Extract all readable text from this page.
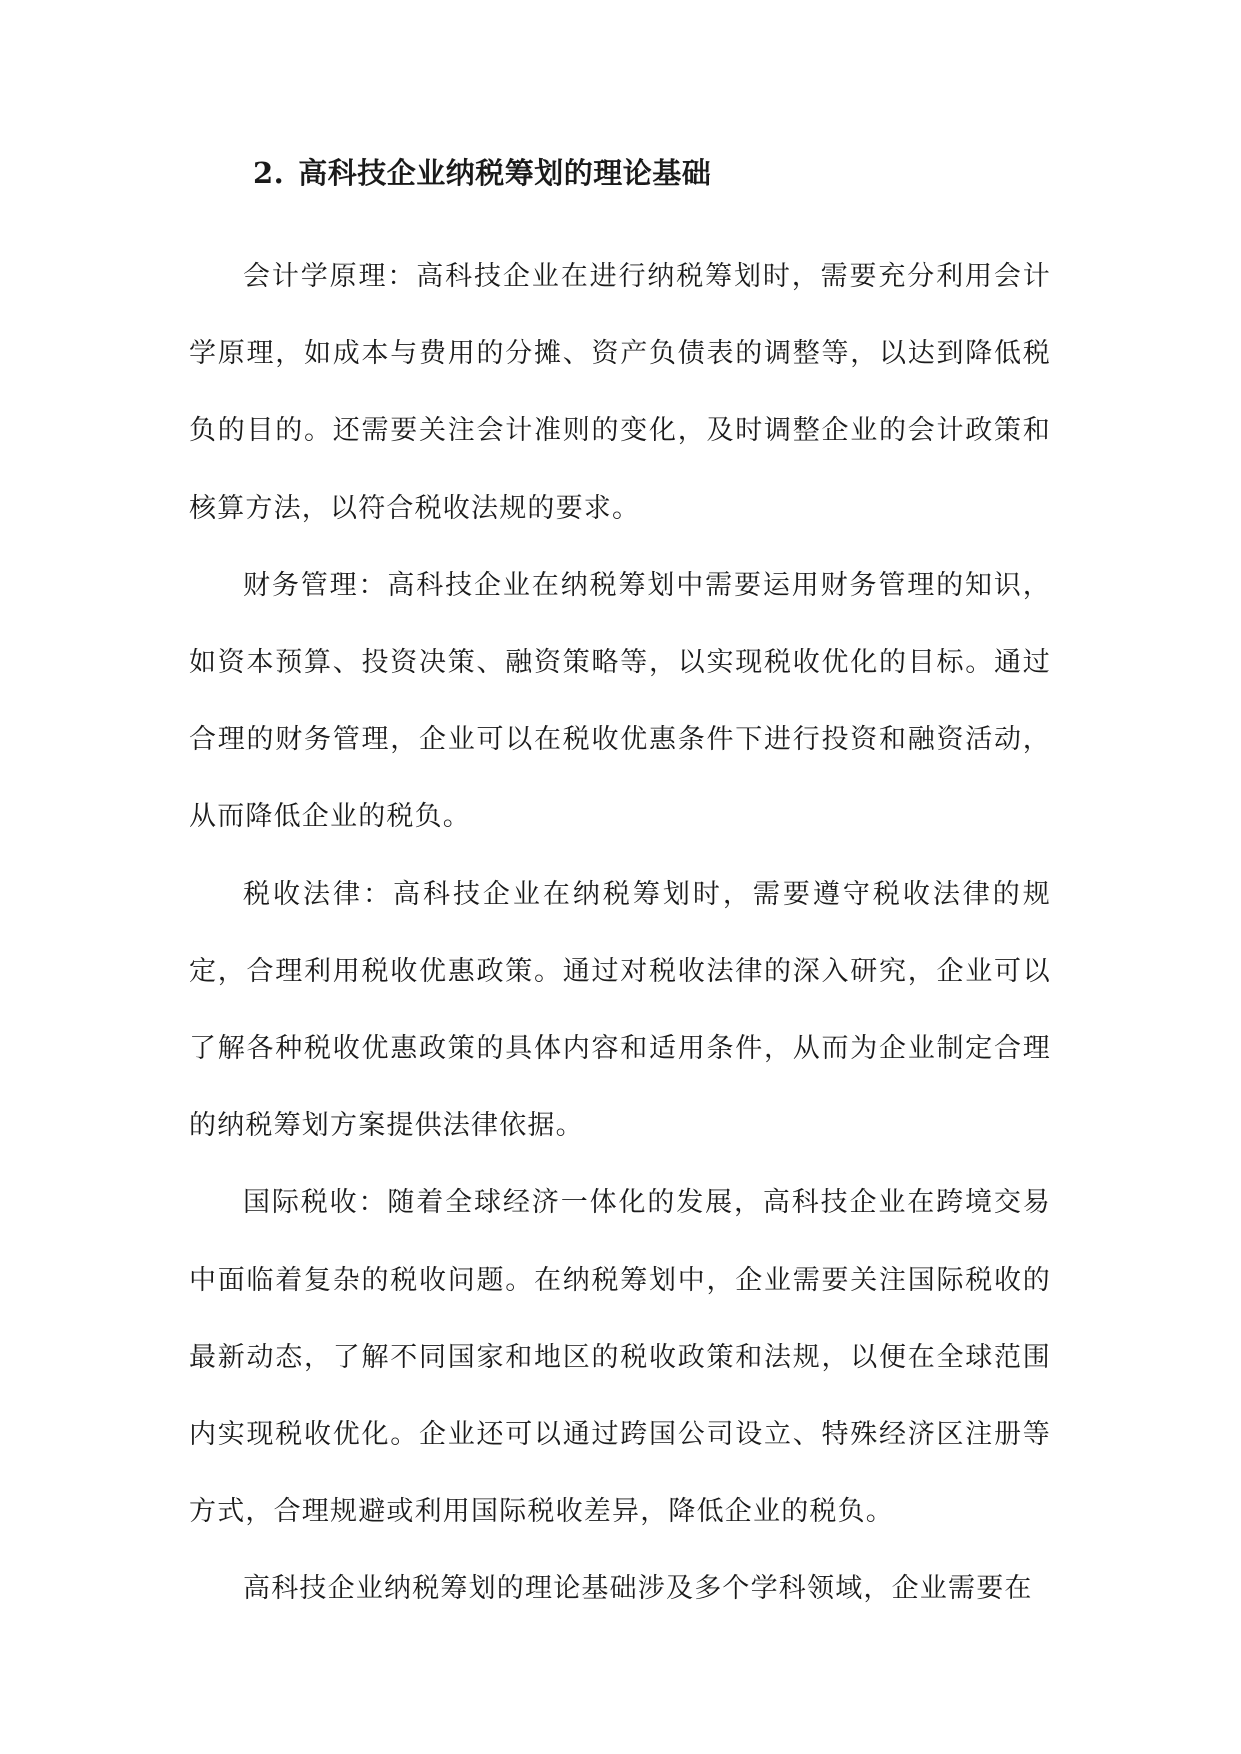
2. 高科技企业纳税筹划的理论基础

会计学原理：高科技企业在进行纳税筹划时，需要充分利用会计学原理，如成本与费用的分摊、资产负债表的调整等，以达到降低税负的目的。还需要关注会计准则的变化，及时调整企业的会计政策和核算方法，以符合税收法规的要求。

财务管理：高科技企业在纳税筹划中需要运用财务管理的知识，如资本预算、投资决策、融资策略等，以实现税收优化的目标。通过合理的财务管理，企业可以在税收优惠条件下进行投资和融资活动，从而降低企业的税负。

税收法律：高科技企业在纳税筹划时，需要遵守税收法律的规定，合理利用税收优惠政策。通过对税收法律的深入研究，企业可以了解各种税收优惠政策的具体内容和适用条件，从而为企业制定合理的纳税筹划方案提供法律依据。

国际税收：随着全球经济一体化的发展，高科技企业在跨境交易中面临着复杂的税收问题。在纳税筹划中，企业需要关注国际税收的最新动态，了解不同国家和地区的税收政策和法规，以便在全球范围内实现税收优化。企业还可以通过跨国公司设立、特殊经济区注册等方式，合理规避或利用国际税收差异，降低企业的税负。

高科技企业纳税筹划的理论基础涉及多个学科领域，企业需要在
